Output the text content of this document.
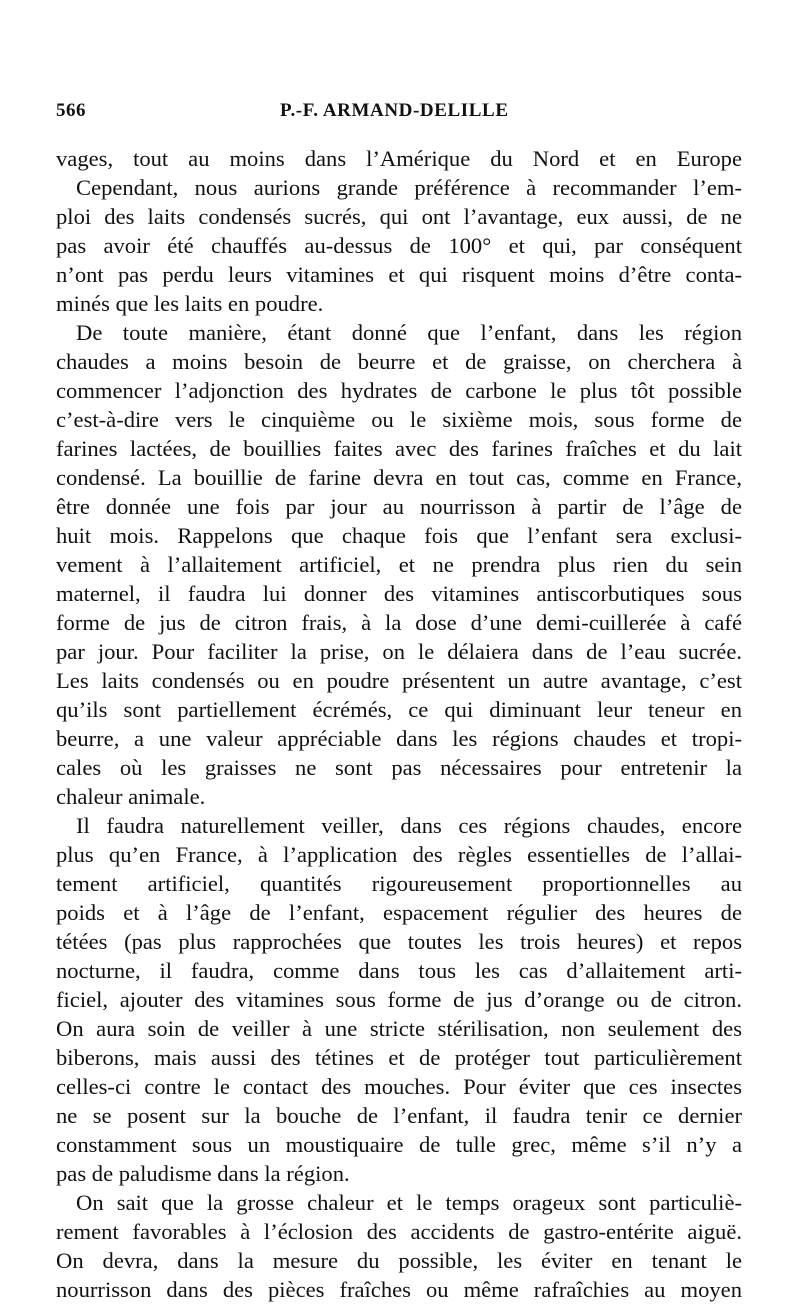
566	P.-F. ARMAND-DELILLE
vages, tout au moins dans l’Amérique du Nord et en Europe
Cependant, nous aurions grande préférence à recommander l’em-
ploi des laits condensés sucrés, qui ont l’avantage, eux aussi, de ne
pas avoir été chauffés au-dessus de 100° et qui, par conséquent
n’ont pas perdu leurs vitamines et qui risquent moins d’être conta-
minés que les laits en poudre.
De toute manière, étant donné que l’enfant, dans les région
chaudes a moins besoin de beurre et de graisse, on cherchera à
commencer l’adjonction des hydrates de carbone le plus tôt possible
c’est-à-dire vers le cinquième ou le sixième mois, sous forme de
farines lactées, de bouillies faites avec des farines fraîches et du lait
condensé. La bouillie de farine devra en tout cas, comme en France,
être donnée une fois par jour au nourrisson à partir de l’âge de
huit mois. Rappelons que chaque fois que l’enfant sera exclusi-
vement à l’allaitement artificiel, et ne prendra plus rien du sein
maternel, il faudra lui donner des vitamines antiscorbutiques sous
forme de jus de citron frais, à la dose d’une demi-cuillerée à café
par jour. Pour faciliter la prise, on le délaiera dans de l’eau sucrée.
Les laits condensés ou en poudre présentent un autre avantage, c’est
qu’ils sont partiellement écrémés, ce qui diminuant leur teneur en
beurre, a une valeur appréciable dans les régions chaudes et tropi-
cales où les graisses ne sont pas nécessaires pour entretenir la
chaleur animale.
Il faudra naturellement veiller, dans ces régions chaudes, encore
plus qu’en France, à l’application des règles essentielles de l’allai-
tement artificiel, quantités rigoureusement proportionnelles au
poids et à l’âge de l’enfant, espacement régulier des heures de
tétées (pas plus rapprochées que toutes les trois heures) et repos
nocturne, il faudra, comme dans tous les cas d’allaitement arti-
ficiel, ajouter des vitamines sous forme de jus d’orange ou de citron.
On aura soin de veiller à une stricte stérilisation, non seulement des
biberons, mais aussi des tétines et de protéger tout particulièrement
celles-ci contre le contact des mouches. Pour éviter que ces insectes
ne se posent sur la bouche de l’enfant, il faudra tenir ce dernier
constamment sous un moustiquaire de tulle grec, même s’il n’y a
pas de paludisme dans la région.
On sait que la grosse chaleur et le temps orageux sont particuliè-
rement favorables à l’éclosion des accidents de gastro-entérite aiguë.
On devra, dans la mesure du possible, les éviter en tenant le
nourrisson dans des pièces fraîches ou même rafraîchies au moyen
